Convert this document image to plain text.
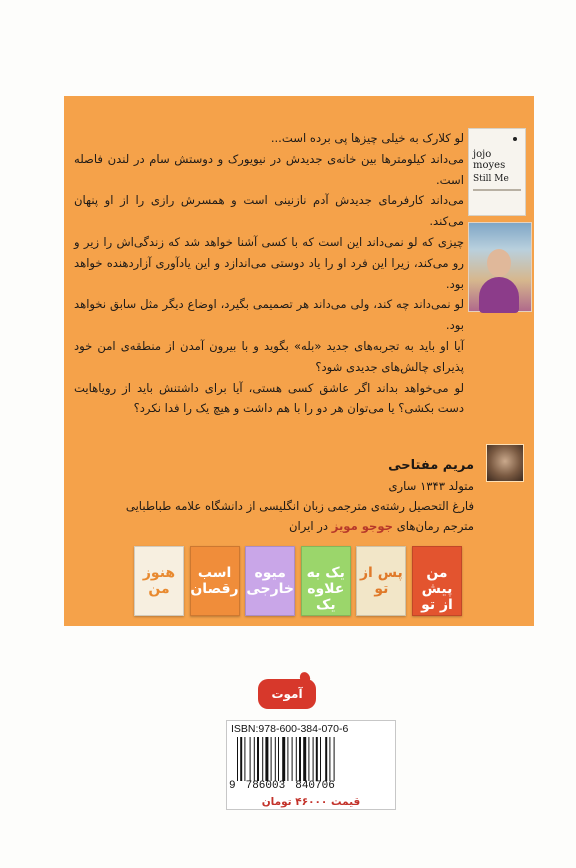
لو کلارک به خیلی چیزها پی برده است...

می‌داند کیلومترها بین خانه‌ی جدیدش در نیویورک و دوستش سام در لندن فاصله است.

می‌داند کارفرمای جدیدش آدم نازنینی است و همسرش رازی را از او پنهان می‌کند.

چیزی که لو نمی‌داند این است که با کسی آشنا خواهد شد که زندگی‌اش را زیر و رو می‌کند، زیرا این فرد او را یاد دوستی می‌اندازد و این یادآوری آزاردهنده خواهد بود.

لو نمی‌داند چه کند، ولی می‌داند هر تصمیمی بگیرد، اوضاع دیگر مثل سابق نخواهد بود.

آیا او باید به تجربه‌های جدید «بله» بگوید و با بیرون آمدن از منطقه‌ی امن خود پذیرای چالش‌های جدیدی شود؟

لو می‌خواهد بداند اگر عاشق کسی هستی، آیا برای داشتنش باید از رویاهایت دست بکشی؟ یا می‌توان هر دو را با هم داشت و هیچ یک را فدا نکرد؟

jojo
moyes
Still Me
مریم مفتاحی
متولد ۱۳۴۳ ساری
فارغ التحصیل رشته‌ی مترجمی زبان انگلیسی از دانشگاه علامه طباطبایی
مترجم رمان‌های جوجو مویز در ایران
من پیش از تو
پس از تو
یک به علاوه یک
میوه خارجی
اسب رقصان
هنوز من
آموت
ISBN:978-600-384-070-6
9 786003 840706
قیمت ۴۶۰۰۰ تومان
